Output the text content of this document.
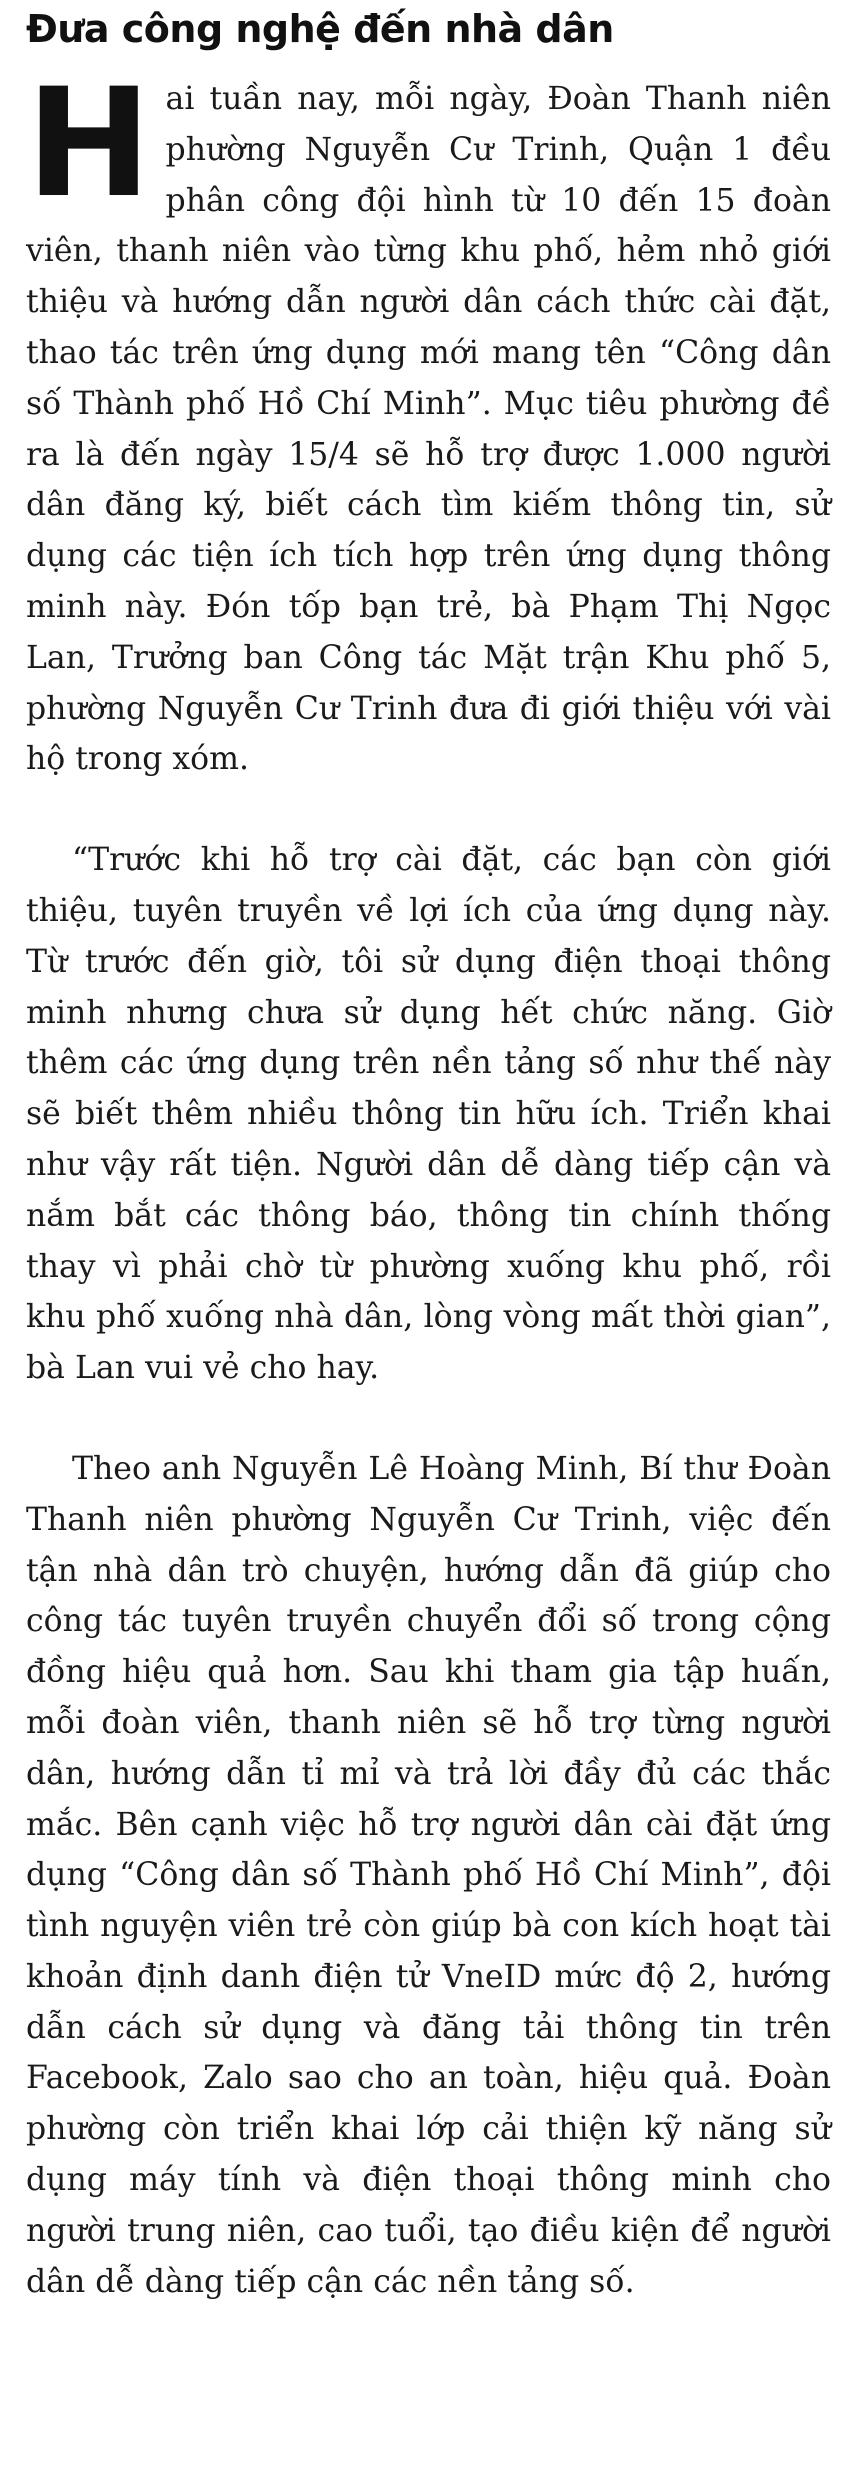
Đưa công nghệ đến nhà dân

Hai tuần nay, mỗi ngày, Đoàn Thanh niên phường Nguyễn Cư Trinh, Quận 1 đều phân công đội hình từ 10 đến 15 đoàn viên, thanh niên vào từng khu phố, hẻm nhỏ giới thiệu và hướng dẫn người dân cách thức cài đặt, thao tác trên ứng dụng mới mang tên “Công dân số Thành phố Hồ Chí Minh”. Mục tiêu phường đề ra là đến ngày 15/4 sẽ hỗ trợ được 1.000 người dân đăng ký, biết cách tìm kiếm thông tin, sử dụng các tiện ích tích hợp trên ứng dụng thông minh này. Đón tốp bạn trẻ, bà Phạm Thị Ngọc Lan, Trưởng ban Công tác Mặt trận Khu phố 5, phường Nguyễn Cư Trinh đưa đi giới thiệu với vài hộ trong xóm.

“Trước khi hỗ trợ cài đặt, các bạn còn giới thiệu, tuyên truyền về lợi ích của ứng dụng này. Từ trước đến giờ, tôi sử dụng điện thoại thông minh nhưng chưa sử dụng hết chức năng. Giờ thêm các ứng dụng trên nền tảng số như thế này sẽ biết thêm nhiều thông tin hữu ích. Triển khai như vậy rất tiện. Người dân dễ dàng tiếp cận và nắm bắt các thông báo, thông tin chính thống thay vì phải chờ từ phường xuống khu phố, rồi khu phố xuống nhà dân, lòng vòng mất thời gian”, bà Lan vui vẻ cho hay.

Theo anh Nguyễn Lê Hoàng Minh, Bí thư Đoàn Thanh niên phường Nguyễn Cư Trinh, việc đến tận nhà dân trò chuyện, hướng dẫn đã giúp cho công tác tuyên truyền chuyển đổi số trong cộng đồng hiệu quả hơn. Sau khi tham gia tập huấn, mỗi đoàn viên, thanh niên sẽ hỗ trợ từng người dân, hướng dẫn tỉ mỉ và trả lời đầy đủ các thắc mắc. Bên cạnh việc hỗ trợ người dân cài đặt ứng dụng “Công dân số Thành phố Hồ Chí Minh”, đội tình nguyện viên trẻ còn giúp bà con kích hoạt tài khoản định danh điện tử VneID mức độ 2, hướng dẫn cách sử dụng và đăng tải thông tin trên Facebook, Zalo sao cho an toàn, hiệu quả. Đoàn phường còn triển khai lớp cải thiện kỹ năng sử dụng máy tính và điện thoại thông minh cho người trung niên, cao tuổi, tạo điều kiện để người dân dễ dàng tiếp cận các nền tảng số.
